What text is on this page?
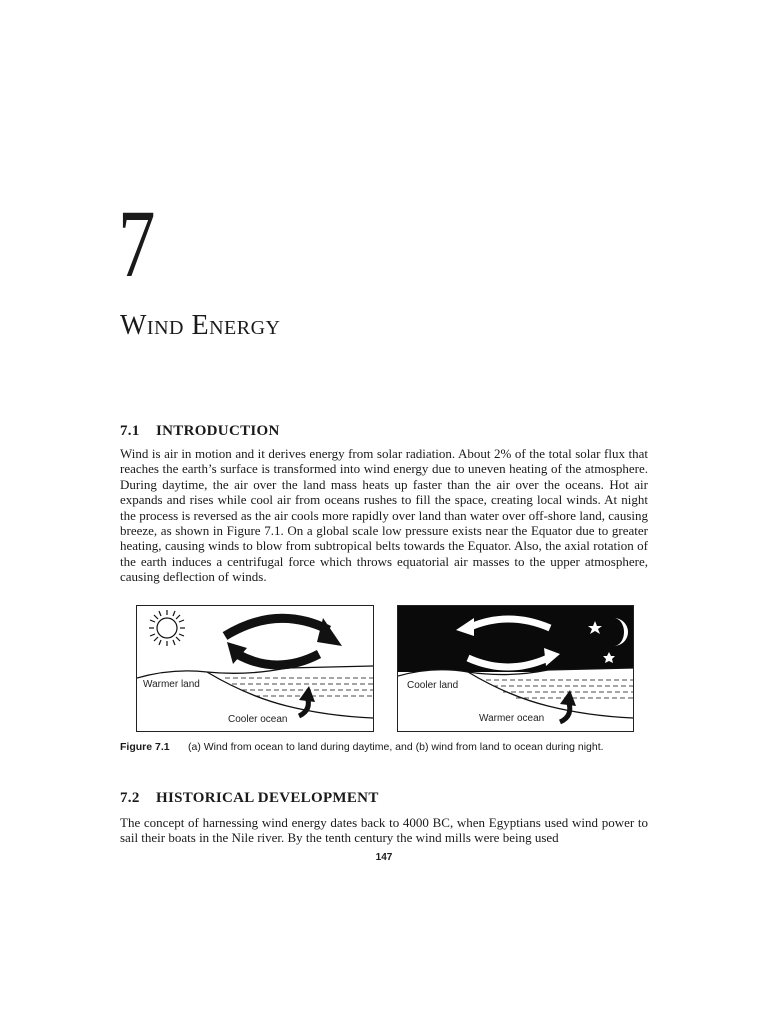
7
Wind Energy
7.1 INTRODUCTION
Wind is air in motion and it derives energy from solar radiation. About 2% of the total solar flux that reaches the earth’s surface is transformed into wind energy due to uneven heating of the atmosphere. During daytime, the air over the land mass heats up faster than the air over the oceans. Hot air expands and rises while cool air from oceans rushes to fill the space, creating local winds. At night the process is reversed as the air cools more rapidly over land than water over off-shore land, causing breeze, as shown in Figure 7.1. On a global scale low pressure exists near the Equator due to greater heating, causing winds to blow from subtropical belts towards the Equator. Also, the axial rotation of the earth induces a centrifugal force which throws equatorial air masses to the upper atmosphere, causing deflection of winds.
Warmer land
Cooler ocean
Cooler land
Warmer ocean
Figure 7.1 (a) Wind from ocean to land during daytime, and (b) wind from land to ocean during night.
7.2 HISTORICAL DEVELOPMENT
The concept of harnessing wind energy dates back to 4000 BC, when Egyptians used wind power to sail their boats in the Nile river. By the tenth century the wind mills were being used
147
